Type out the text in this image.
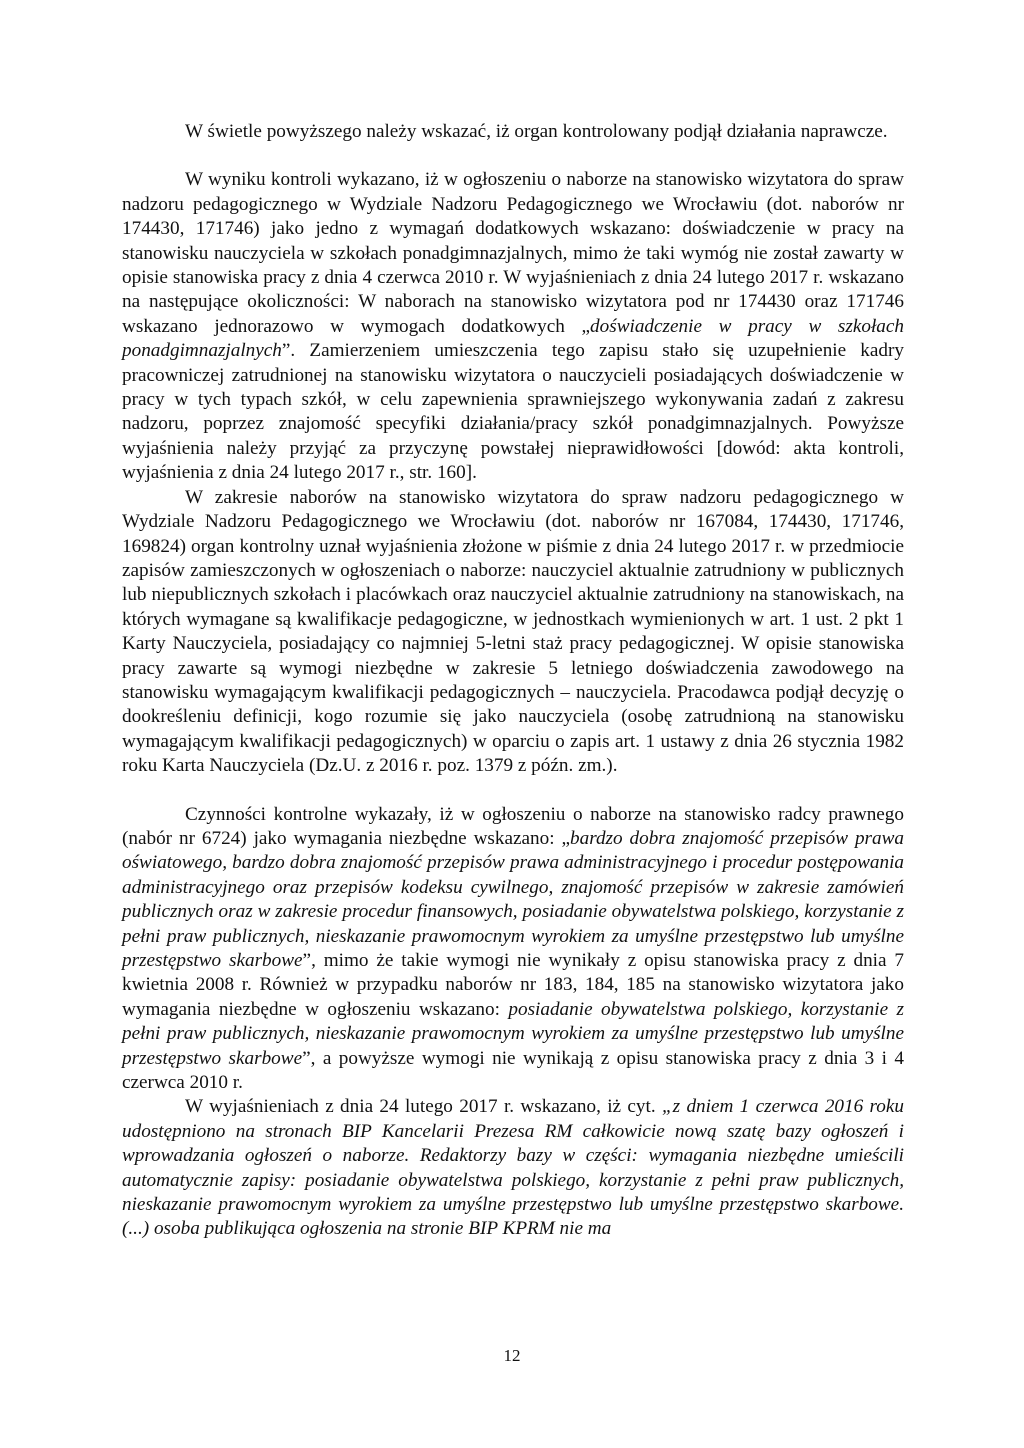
W świetle powyższego należy wskazać, iż organ kontrolowany podjął działania naprawcze.

W wyniku kontroli wykazano, iż w ogłoszeniu o naborze na stanowisko wizytatora do spraw nadzoru pedagogicznego w Wydziale Nadzoru Pedagogicznego we Wrocławiu (dot. naborów nr 174430, 171746) jako jedno z wymagań dodatkowych wskazano: doświadczenie w pracy na stanowisku nauczyciela w szkołach ponadgimnazjalnych, mimo że taki wymóg nie został zawarty w opisie stanowiska pracy z dnia 4 czerwca 2010 r. W wyjaśnieniach z dnia 24 lutego 2017 r. wskazano na następujące okoliczności: W naborach na stanowisko wizytatora pod nr 174430 oraz 171746 wskazano jednorazowo w wymogach dodatkowych „doświadczenie w pracy w szkołach ponadgimnazjalnych”. Zamierzeniem umieszczenia tego zapisu stało się uzupełnienie kadry pracowniczej zatrudnionej na stanowisku wizytatora o nauczycieli posiadających doświadczenie w pracy w tych typach szkół, w celu zapewnienia sprawniejszego wykonywania zadań z zakresu nadzoru, poprzez znajomość specyfiki działania/pracy szkół ponadgimnazjalnych. Powyższe wyjaśnienia należy przyjąć za przyczynę powstałej nieprawidłowości [dowód: akta kontroli, wyjaśnienia z dnia 24 lutego 2017 r., str. 160].

W zakresie naborów na stanowisko wizytatora do spraw nadzoru pedagogicznego w Wydziale Nadzoru Pedagogicznego we Wrocławiu (dot. naborów nr 167084, 174430, 171746, 169824) organ kontrolny uznał wyjaśnienia złożone w piśmie z dnia 24 lutego 2017 r. w przedmiocie zapisów zamieszczonych w ogłoszeniach o naborze: nauczyciel aktualnie zatrudniony w publicznych lub niepublicznych szkołach i placówkach oraz nauczyciel aktualnie zatrudniony na stanowiskach, na których wymagane są kwalifikacje pedagogiczne, w jednostkach wymienionych w art. 1 ust. 2 pkt 1 Karty Nauczyciela, posiadający co najmniej 5-letni staż pracy pedagogicznej. W opisie stanowiska pracy zawarte są wymogi niezbędne w zakresie 5 letniego doświadczenia zawodowego na stanowisku wymagającym kwalifikacji pedagogicznych – nauczyciela. Pracodawca podjął decyzję o dookreśleniu definicji, kogo rozumie się jako nauczyciela (osobę zatrudnioną na stanowisku wymagającym kwalifikacji pedagogicznych) w oparciu o zapis art. 1 ustawy z dnia 26 stycznia 1982 roku Karta Nauczyciela (Dz.U. z 2016 r. poz. 1379 z późn. zm.).

Czynności kontrolne wykazały, iż w ogłoszeniu o naborze na stanowisko radcy prawnego (nabór nr 6724) jako wymagania niezbędne wskazano: „bardzo dobra znajomość przepisów prawa oświatowego, bardzo dobra znajomość przepisów prawa administracyjnego i procedur postępowania administracyjnego oraz przepisów kodeksu cywilnego, znajomość przepisów w zakresie zamówień publicznych oraz w zakresie procedur finansowych, posiadanie obywatelstwa polskiego, korzystanie z pełni praw publicznych, nieskazanie prawomocnym wyrokiem za umyślne przestępstwo lub umyślne przestępstwo skarbowe”, mimo że takie wymogi nie wynikały z opisu stanowiska pracy z dnia 7 kwietnia 2008 r. Również w przypadku naborów nr 183, 184, 185 na stanowisko wizytatora jako wymagania niezbędne w ogłoszeniu wskazano: posiadanie obywatelstwa polskiego, korzystanie z pełni praw publicznych, nieskazanie prawomocnym wyrokiem za umyślne przestępstwo lub umyślne przestępstwo skarbowe”, a powyższe wymogi nie wynikają z opisu stanowiska pracy z dnia 3 i 4 czerwca 2010 r.

W wyjaśnieniach z dnia 24 lutego 2017 r. wskazano, iż cyt. „z dniem 1 czerwca 2016 roku udostępniono na stronach BIP Kancelarii Prezesa RM całkowicie nową szatę bazy ogłoszeń i wprowadzania ogłoszeń o naborze. Redaktorzy bazy w części: wymagania niezbędne umieścili automatycznie zapisy: posiadanie obywatelstwa polskiego, korzystanie z pełni praw publicznych, nieskazanie prawomocnym wyrokiem za umyślne przestępstwo lub umyślne przestępstwo skarbowe. (...) osoba publikująca ogłoszenia na stronie BIP KPRM nie ma

12
